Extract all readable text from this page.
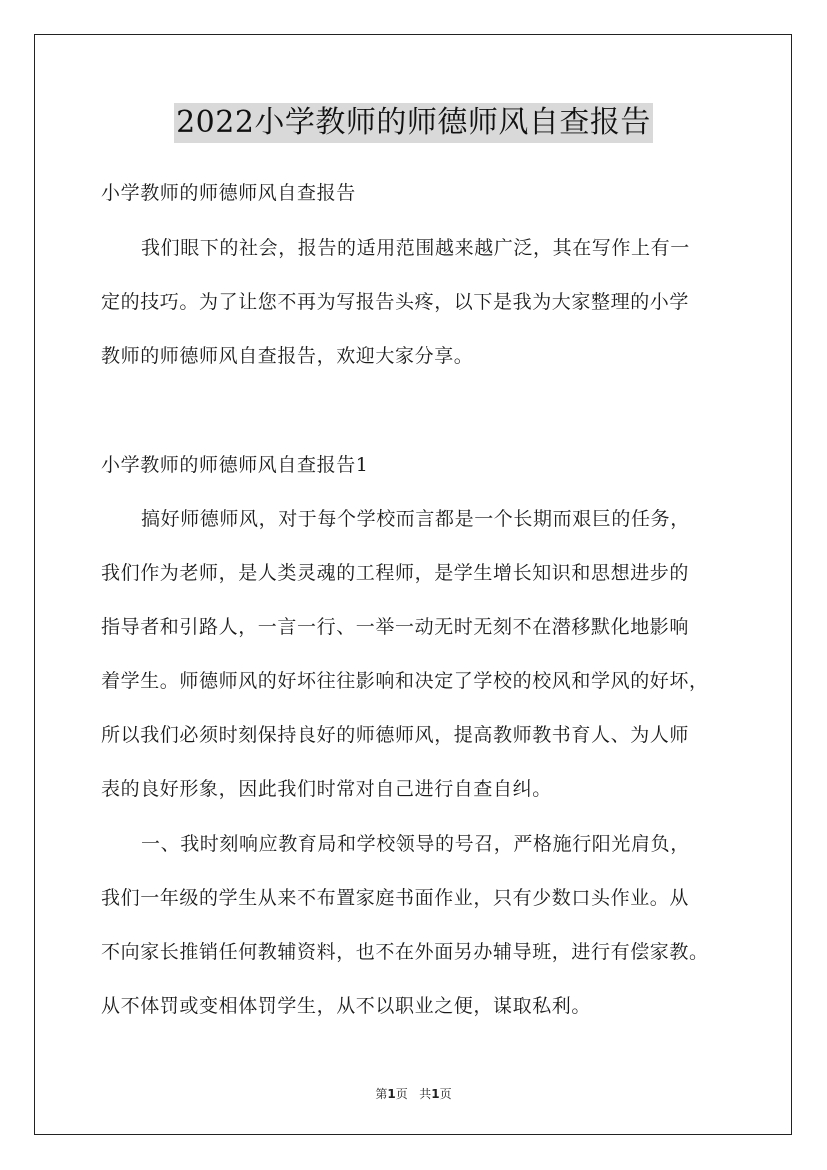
2022小学教师的师德师风自查报告
小学教师的师德师风自查报告
我们眼下的社会，报告的适用范围越来越广泛，其在写作上有一
定的技巧。为了让您不再为写报告头疼，以下是我为大家整理的小学
教师的师德师风自查报告，欢迎大家分享。
小学教师的师德师风自查报告1
搞好师德师风，对于每个学校而言都是一个长期而艰巨的任务，
我们作为老师，是人类灵魂的工程师，是学生增长知识和思想进步的
指导者和引路人，一言一行、一举一动无时无刻不在潜移默化地影响
着学生。师德师风的好坏往往影响和决定了学校的校风和学风的好坏，
所以我们必须时刻保持良好的师德师风，提高教师教书育人、为人师
表的良好形象，因此我们时常对自己进行自查自纠。
一、我时刻响应教育局和学校领导的号召，严格施行阳光肩负，
我们一年级的学生从来不布置家庭书面作业，只有少数口头作业。从
不向家长推销任何教辅资料，也不在外面另办辅导班，进行有偿家教。
从不体罚或变相体罚学生，从不以职业之便，谋取私利。
第1页 共1页
